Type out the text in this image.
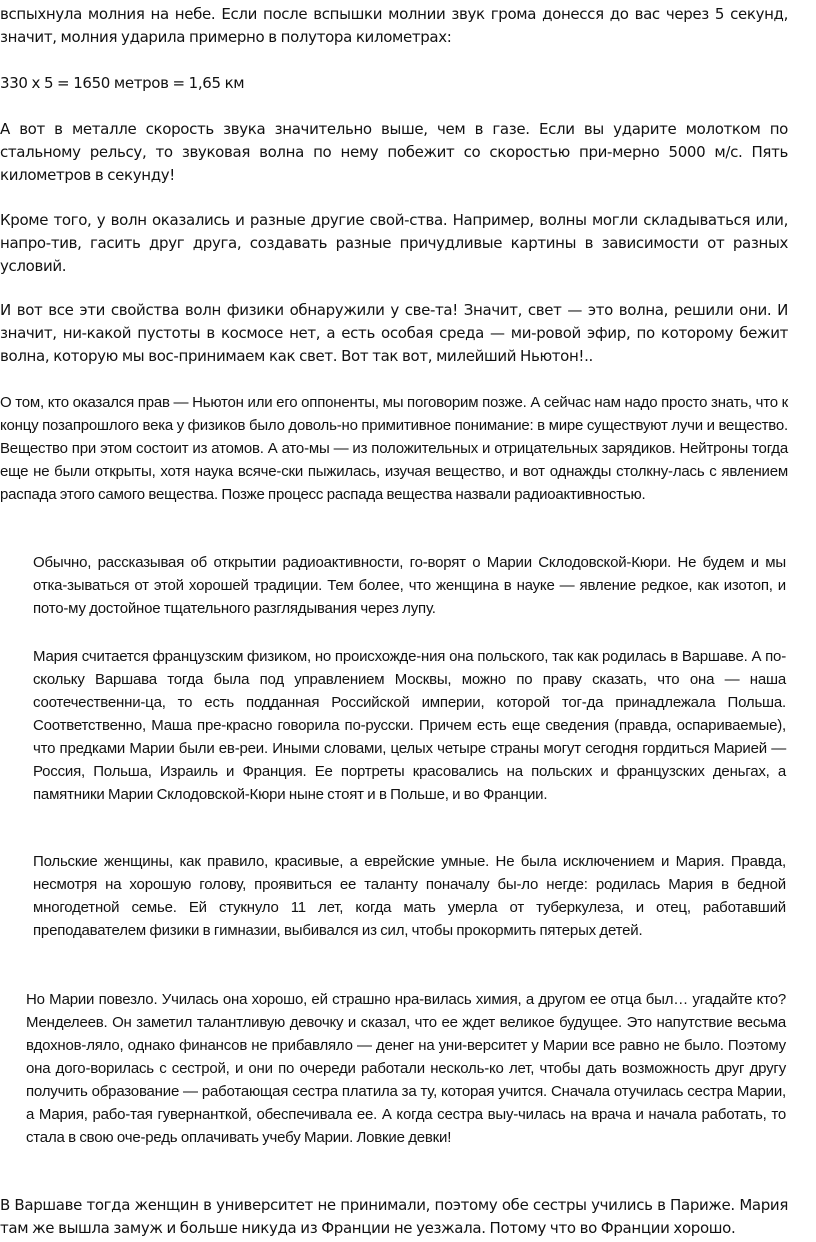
вспыхнула молния на небе. Если после вспышки молнии звук грома донесся до вас через 5 секунд, значит, молния ударила примерно в полутора километрах:

330 x 5 = 1650 метров = 1,65 км

А вот в металле скорость звука значительно выше, чем в газе. Если вы ударите молотком по стальному рельсу, то звуковая волна по нему побежит со скоростью при-мерно 5000 м/с. Пять километров в секунду!

Кроме того, у волн оказались и разные другие свой-ства. Например, волны могли складываться или, напро-тив, гасить друг друга, создавать разные причудливые картины в зависимости от разных условий.

И вот все эти свойства волн физики обнаружили у све-та! Значит, свет — это волна, решили они. И значит, ни-какой пустоты в космосе нет, а есть особая среда — ми-ровой эфир, по которому бежит волна, которую мы вос-принимаем как свет. Вот так вот, милейший Ньютон!..

О том, кто оказался прав — Ньютон или его оппоненты, мы поговорим позже. А сейчас нам надо просто знать, что к концу позапрошлого века у физиков было доволь-но примитивное понимание: в мире существуют лучи и вещество. Вещество при этом состоит из атомов. А ато-мы — из положительных и отрицательных зарядиков. Нейтроны тогда еще не были открыты, хотя наука всяче-ски пыжилась, изучая вещество, и вот однажды столкну-лась с явлением распада этого самого вещества. Позже процесс распада вещества назвали радиоактивностью.

Обычно, рассказывая об открытии радиоактивности, го-ворят о Марии Склодовской-Кюри. Не будем и мы отка-зываться от этой хорошей традиции. Тем более, что женщина в науке — явление редкое, как изотоп, и пото-му достойное тщательного разглядывания через лупу.

Мария считается французским физиком, но происхожде-ния она польского, так как родилась в Варшаве. А по-скольку Варшава тогда была под управлением Москвы, можно по праву сказать, что она — наша соотечественни-ца, то есть подданная Российской империи, которой тог-да принадлежала Польша. Соответственно, Маша пре-красно говорила по-русски. Причем есть еще сведения (правда, оспариваемые), что предками Марии были ев-реи. Иными словами, целых четыре страны могут сегодня гордиться Марией — Россия, Польша, Израиль и Франция. Ее портреты красовались на польских и французских деньгах, а памятники Марии Склодовской-Кюри ныне стоят и в Польше, и во Франции.

Польские женщины, как правило, красивые, а еврейские умные. Не была исключением и Мария. Правда, несмотря на хорошую голову, проявиться ее таланту поначалу бы-ло негде: родилась Мария в бедной многодетной семье. Ей стукнуло 11 лет, когда мать умерла от туберкулеза, и отец, работавший преподавателем физики в гимназии, выбивался из сил, чтобы прокормить пятерых детей.

Но Марии повезло. Училась она хорошо, ей страшно нра-вилась химия, а другом ее отца был… угадайте кто? Менделеев. Он заметил талантливую девочку и сказал, что ее ждет великое будущее. Это напутствие весьма вдохнов-ляло, однако финансов не прибавляло — денег на уни-верситет у Марии все равно не было. Поэтому она дого-ворилась с сестрой, и они по очереди работали несколь-ко лет, чтобы дать возможность друг другу получить образование — работающая сестра платила за ту, которая учится. Сначала отучилась сестра Марии, а Мария, рабо-тая гувернанткой, обеспечивала ее. А когда сестра выу-чилась на врача и начала работать, то стала в свою оче-редь оплачивать учебу Марии. Ловкие девки!

В Варшаве тогда женщин в университет не принимали, поэтому обе сестры учились в Париже. Мария там же вышла замуж и больше никуда из Франции не уезжала. Потому что во Франции хорошо.
